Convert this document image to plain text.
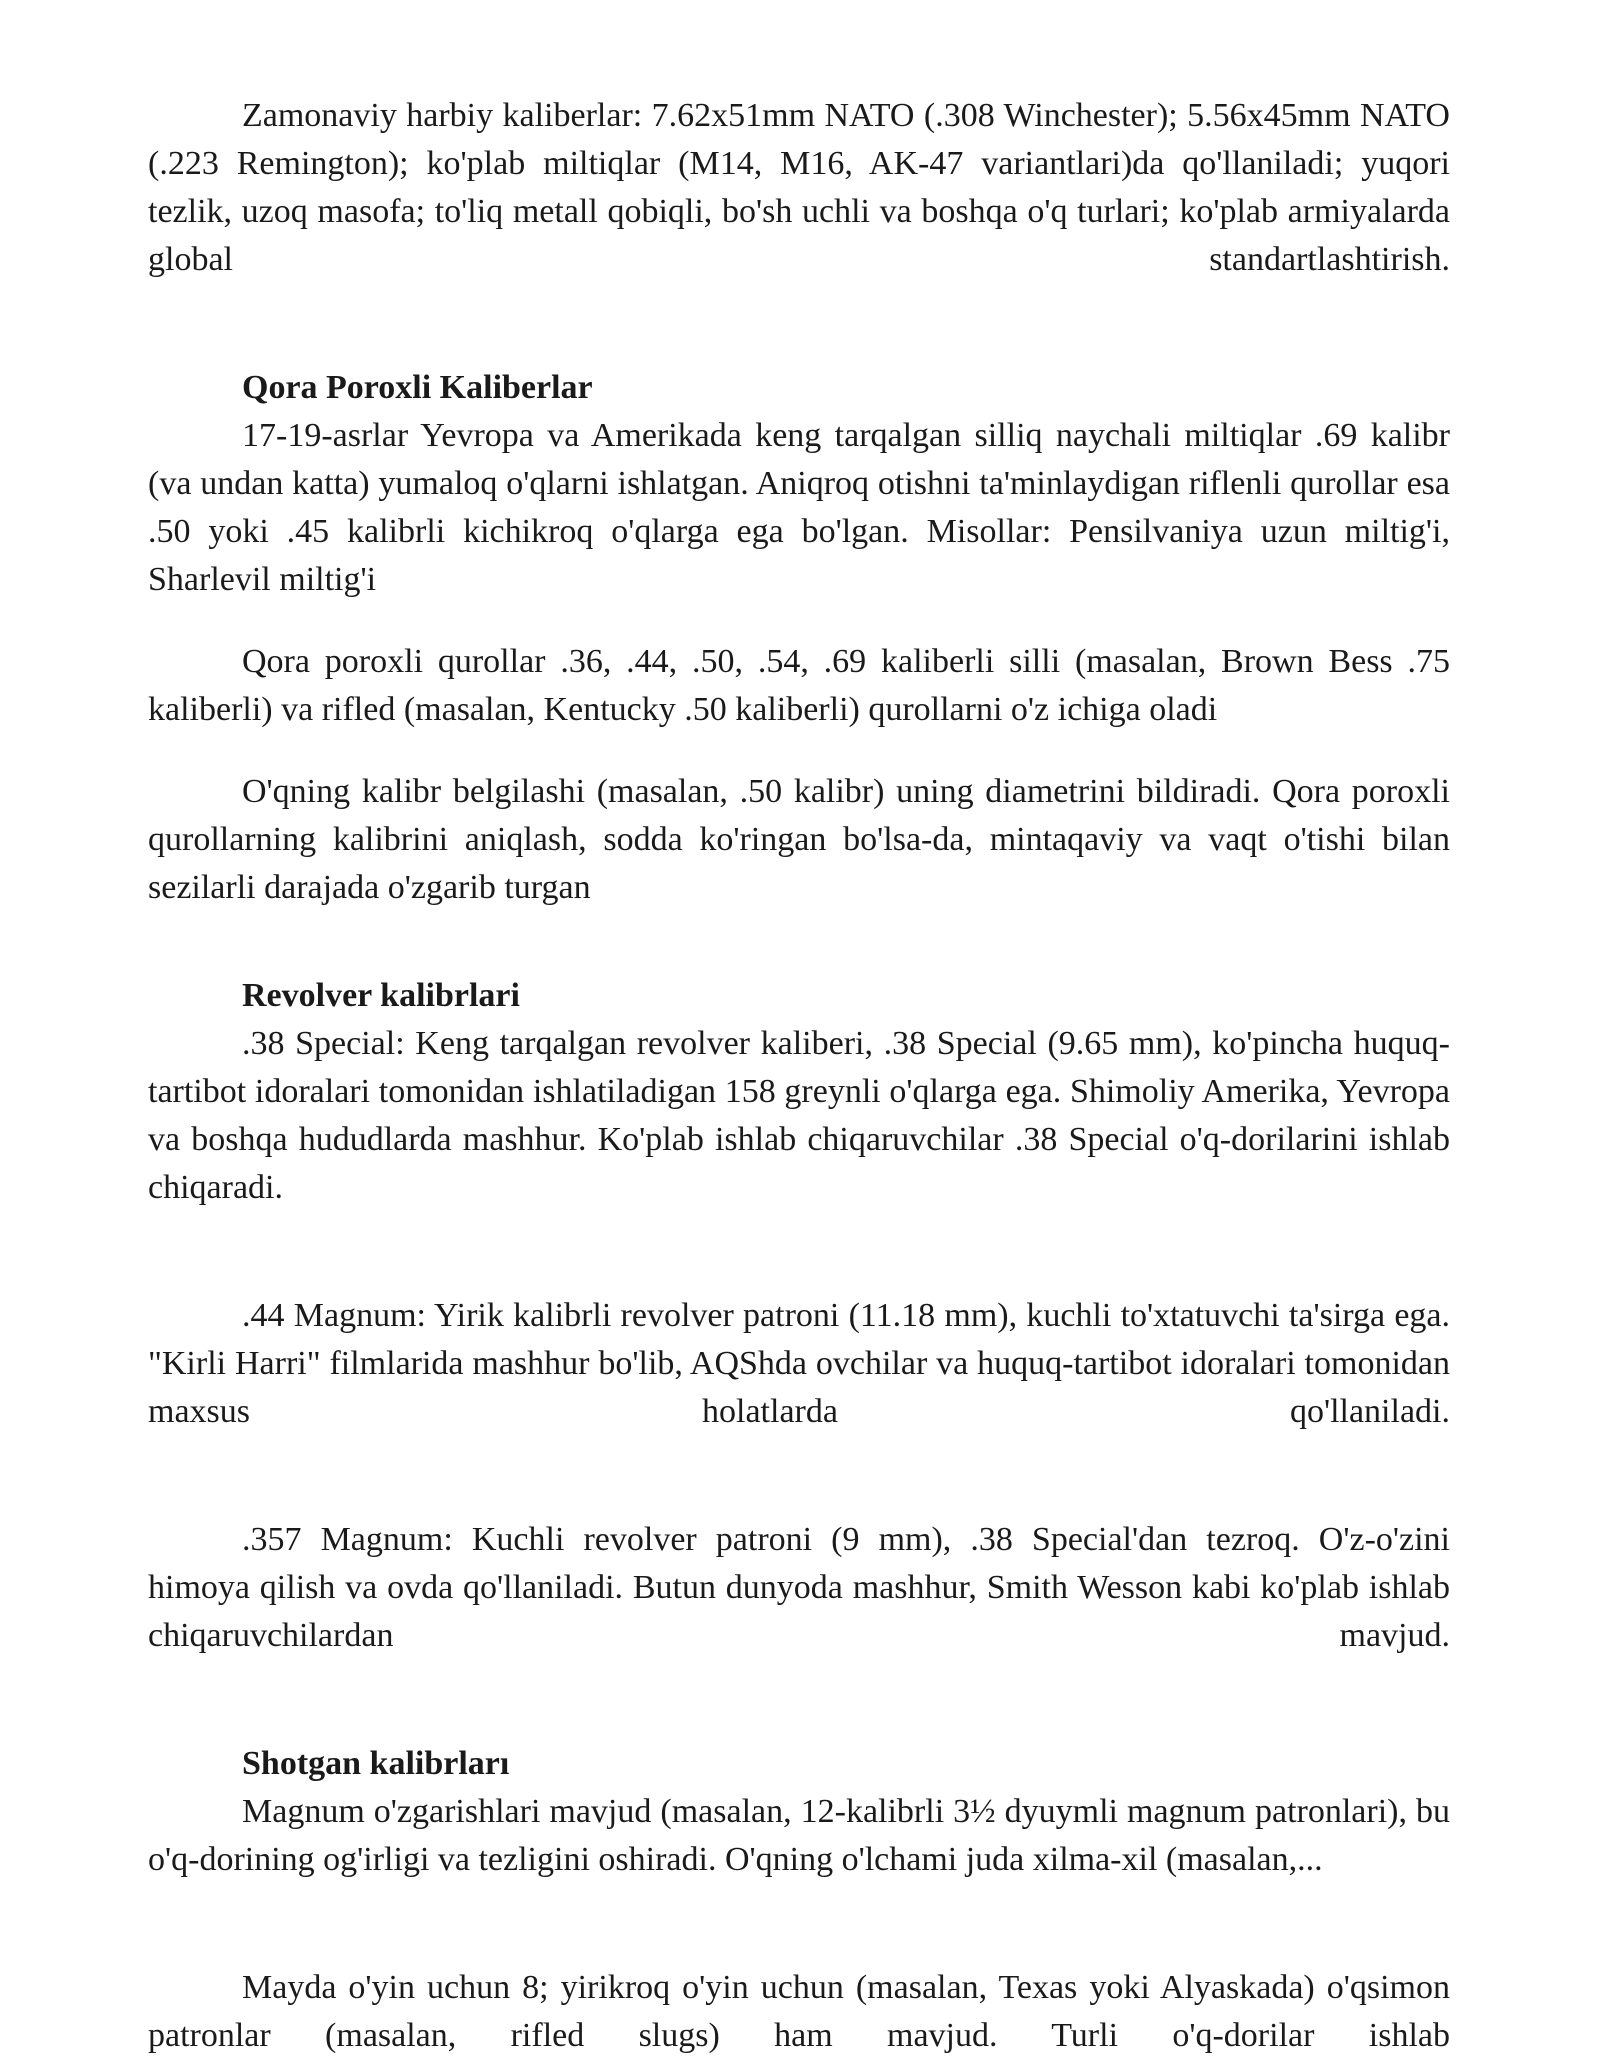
Zamonaviy harbiy kaliberlar: 7.62x51mm NATO (.308 Winchester); 5.56x45mm NATO (.223 Remington); ko'plab miltiqlar (M14, M16, AK-47 variantlari)da qo'llaniladi; yuqori tezlik, uzoq masofa; to'liq metall qobiqli, bo'sh uchli va boshqa o'q turlari; ko'plab armiyalarda global standartlashtirish.

Qora Poroxli Kaliberlar

17-19-asrlar Yevropa va Amerikada keng tarqalgan silliq naychali miltiqlar .69 kalibr (va undan katta) yumaloq o'qlarni ishlatgan. Aniqroq otishni ta'minlaydigan riflenli qurollar esa .50 yoki .45 kalibrli kichikroq o'qlarga ega bo'lgan. Misollar: Pensilvaniya uzun miltig'i, Sharlevil miltig'i

Qora poroxli qurollar .36, .44, .50, .54, .69 kaliberli silli (masalan, Brown Bess .75 kaliberli) va rifled (masalan, Kentucky .50 kaliberli) qurollarni o'z ichiga oladi

O'qning kalibr belgilashi (masalan, .50 kalibr) uning diametrini bildiradi. Qora poroxli qurollarning kalibrini aniqlash, sodda ko'ringan bo'lsa-da, mintaqaviy va vaqt o'tishi bilan sezilarli darajada o'zgarib turgan

Revolver kalibrlari

.38 Special: Keng tarqalgan revolver kaliberi, .38 Special (9.65 mm), ko'pincha huquq-tartibot idoralari tomonidan ishlatiladigan 158 greynli o'qlarga ega. Shimoliy Amerika, Yevropa va boshqa hududlarda mashhur. Ko'plab ishlab chiqaruvchilar .38 Special o'q-dorilarini ishlab chiqaradi.

.44 Magnum: Yirik kalibrli revolver patroni (11.18 mm), kuchli to'xtatuvchi ta'sirga ega. "Kirli Harri" filmlarida mashhur bo'lib, AQShda ovchilar va huquq-tartibot idoralari tomonidan maxsus holatlarda qo'llaniladi.

.357 Magnum: Kuchli revolver patroni (9 mm), .38 Special'dan tezroq. O'z-o'zini himoya qilish va ovda qo'llaniladi. Butun dunyoda mashhur, Smith Wesson kabi ko'plab ishlab chiqaruvchilardan mavjud.

Shotgan kalibrları

Magnum o'zgarishlari mavjud (masalan, 12-kalibrli 3½ dyuymli magnum patronlari), bu o'q-dorining og'irligi va tezligini oshiradi. O'qning o'lchami juda xilma-xil (masalan,...

Mayda o'yin uchun 8; yirikroq o'yin uchun (masalan, Texas yoki Alyaskada) o'qsimon patronlar (masalan, rifled slugs) ham mavjud. Turli o'q-dorilar ishlab
